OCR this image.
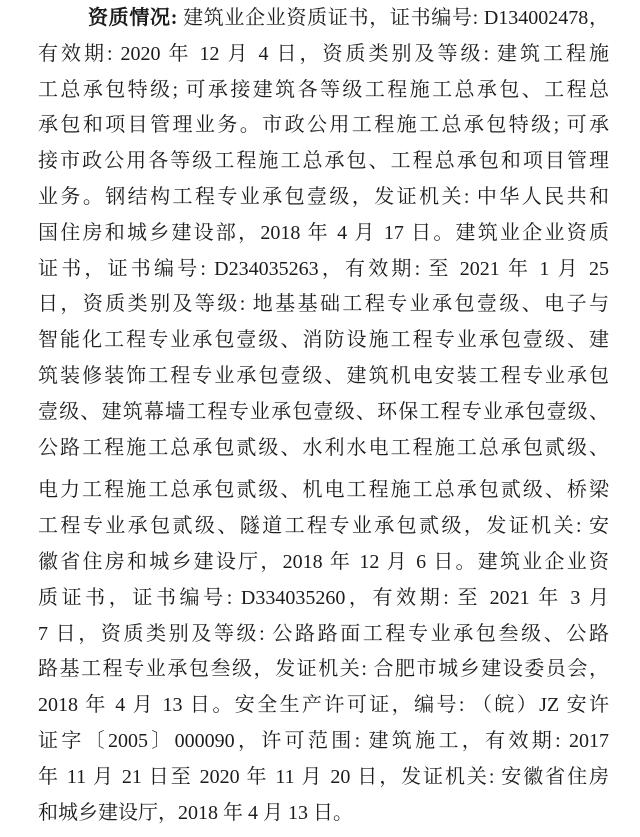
资质情况: 建筑业企业资质证书，证书编号: D134002478，
有效期: 2020 年 12 月 4 日，资质类别及等级: 建筑工程施
工总承包特级; 可承接建筑各等级工程施工总承包、工程总
承包和项目管理业务。市政公用工程施工总承包特级; 可承
接市政公用各等级工程施工总承包、工程总承包和项目管理
业务。钢结构工程专业承包壹级，发证机关: 中华人民共和
国住房和城乡建设部，2018 年 4 月 17 日。建筑业企业资质
证书，证书编号: D234035263，有效期: 至 2021 年 1 月 25
日，资质类别及等级: 地基基础工程专业承包壹级、电子与
智能化工程专业承包壹级、消防设施工程专业承包壹级、建
筑装修装饰工程专业承包壹级、建筑机电安装工程专业承包
壹级、建筑幕墙工程专业承包壹级、环保工程专业承包壹级、
公路工程施工总承包贰级、水利水电工程施工总承包贰级、
电力工程施工总承包贰级、机电工程施工总承包贰级、桥梁
工程专业承包贰级、隧道工程专业承包贰级，发证机关: 安
徽省住房和城乡建设厅，2018 年 12 月 6 日。建筑业企业资
质证书，证书编号: D334035260，有效期: 至 2021 年 3 月
7 日，资质类别及等级: 公路路面工程专业承包叁级、公路
路基工程专业承包叁级，发证机关: 合肥市城乡建设委员会，
2018 年 4 月 13 日。安全生产许可证，编号: （皖）JZ 安许
证字〔2005〕000090，许可范围: 建筑施工，有效期: 2017
年 11 月 21 日至 2020 年 11 月 20 日，发证机关: 安徽省住房
和城乡建设厅，2018 年 4 月 13 日。
